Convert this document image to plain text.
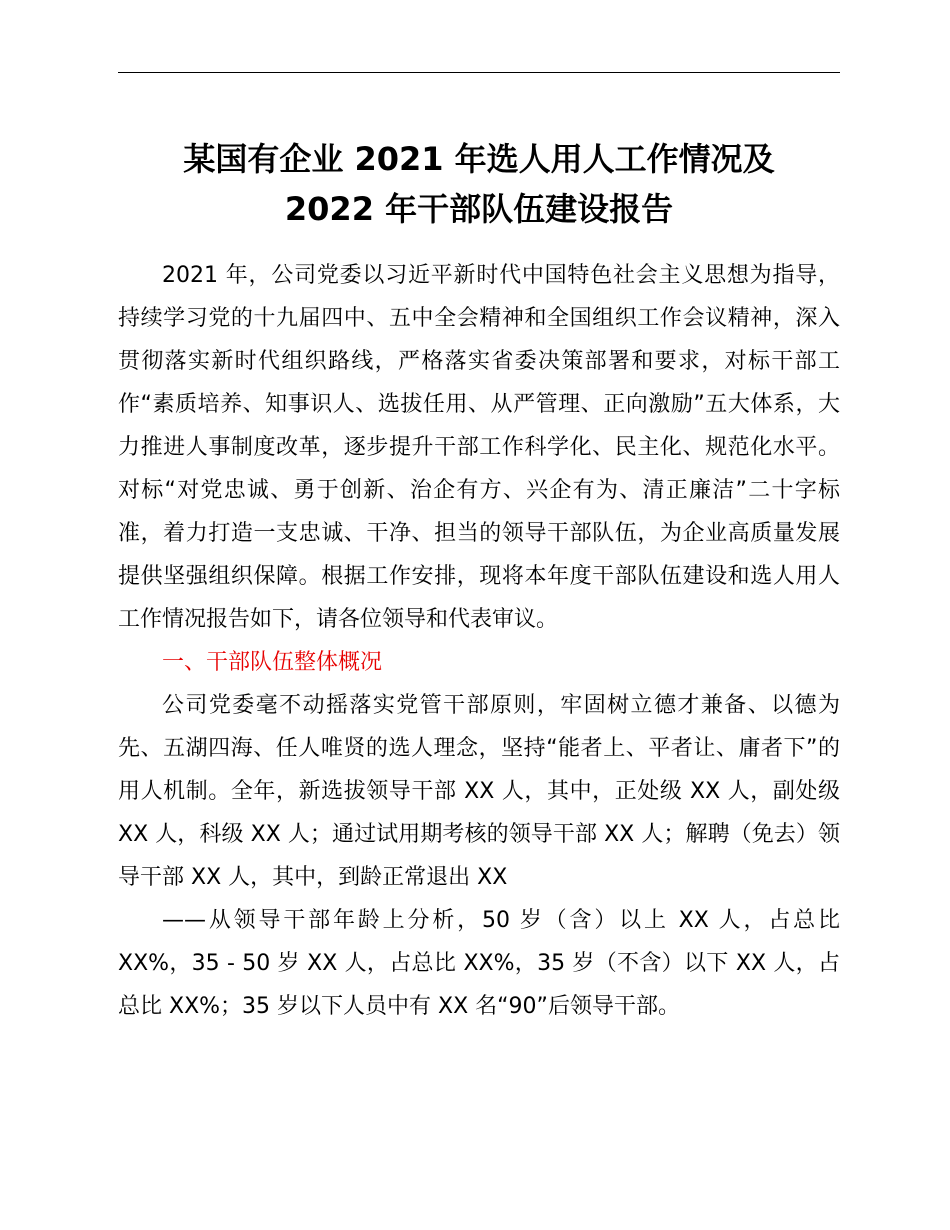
某国有企业 2021 年选人用人工作情况及
2022 年干部队伍建设报告

2021 年，公司党委以习近平新时代中国特色社会主义思想为指导，持续学习党的十九届四中、五中全会精神和全国组织工作会议精神，深入贯彻落实新时代组织路线，严格落实省委决策部署和要求，对标干部工作“素质培养、知事识人、选拔任用、从严管理、正向激励”五大体系，大力推进人事制度改革，逐步提升干部工作科学化、民主化、规范化水平。对标“对党忠诚、勇于创新、治企有方、兴企有为、清正廉洁”二十字标准，着力打造一支忠诚、干净、担当的领导干部队伍，为企业高质量发展提供坚强组织保障。根据工作安排，现将本年度干部队伍建设和选人用人工作情况报告如下，请各位领导和代表审议。

一、干部队伍整体概况

公司党委毫不动摇落实党管干部原则，牢固树立德才兼备、以德为先、五湖四海、任人唯贤的选人理念，坚持“能者上、平者让、庸者下”的用人机制。全年，新选拔领导干部 XX 人，其中，正处级 XX 人，副处级 XX 人，科级 XX 人；通过试用期考核的领导干部 XX 人；解聘（免去）领导干部 XX 人，其中，到龄正常退出 XX

——从领导干部年龄上分析，50 岁（含）以上 XX 人，占总比 XX%，35 - 50 岁 XX 人，占总比 XX%，35 岁（不含）以下 XX 人，占总比 XX%；35 岁以下人员中有 XX 名“90”后领导干部。
